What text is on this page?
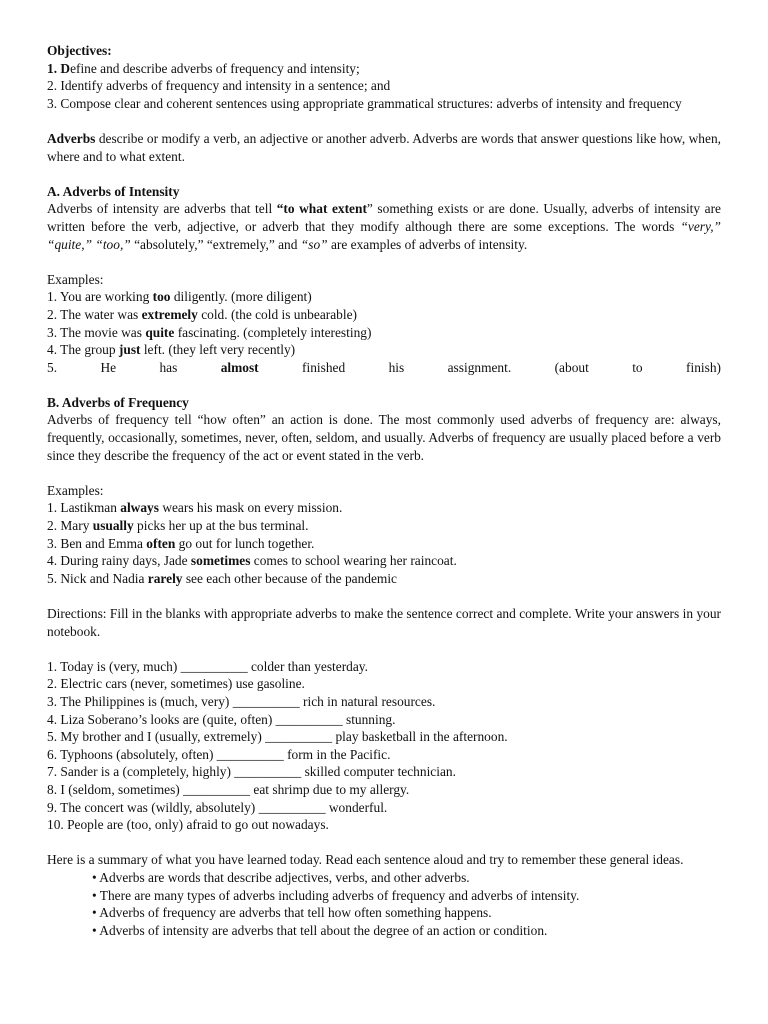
Objectives:

1. Define and describe adverbs of frequency and intensity;

2. Identify adverbs of frequency and intensity in a sentence; and

3. Compose clear and coherent sentences using appropriate grammatical structures: adverbs of intensity and frequency

Adverbs describe or modify a verb, an adjective or another adverb. Adverbs are words that answer questions like how, when, where and to what extent.

A. Adverbs of Intensity

Adverbs of intensity are adverbs that tell “to what extent” something exists or are done. Usually, adverbs of intensity are written before the verb, adjective, or adverb that they modify although there are some exceptions. The words “very,” “quite,” “too,” “absolutely,” “extremely,” and “so” are examples of adverbs of intensity.

Examples:

1. You are working too diligently. (more diligent)

2. The water was extremely cold. (the cold is unbearable)

3. The movie was quite fascinating. (completely interesting)

4. The group just left. (they left very recently)

5. He has almost finished his assignment. (about to finish)

B. Adverbs of Frequency

Adverbs of frequency tell “how often” an action is done. The most commonly used adverbs of frequency are: always, frequently, occasionally, sometimes, never, often, seldom, and usually. Adverbs of frequency are usually placed before a verb since they describe the frequency of the act or event stated in the verb.

Examples:

1. Lastikman always wears his mask on every mission.

2. Mary usually picks her up at the bus terminal.

3. Ben and Emma often go out for lunch together.

4. During rainy days, Jade sometimes comes to school wearing her raincoat.

5. Nick and Nadia rarely see each other because of the pandemic

Directions: Fill in the blanks with appropriate adverbs to make the sentence correct and complete. Write your answers in your notebook.

1. Today is (very, much) __________ colder than yesterday.

2. Electric cars (never, sometimes) use gasoline.

3. The Philippines is (much, very) __________ rich in natural resources.

4. Liza Soberano’s looks are (quite, often) __________ stunning.

5. My brother and I (usually, extremely) __________ play basketball in the afternoon.

6. Typhoons (absolutely, often) __________ form in the Pacific.

7. Sander is a (completely, highly) __________ skilled computer technician.

8. I (seldom, sometimes) __________ eat shrimp due to my allergy.

9. The concert was (wildly, absolutely) __________ wonderful.

10. People are (too, only) afraid to go out nowadays.

Here is a summary of what you have learned today. Read each sentence aloud and try to remember these general ideas.

• Adverbs are words that describe adjectives, verbs, and other adverbs.

• There are many types of adverbs including adverbs of frequency and adverbs of intensity.

• Adverbs of frequency are adverbs that tell how often something happens.

• Adverbs of intensity are adverbs that tell about the degree of an action or condition.
